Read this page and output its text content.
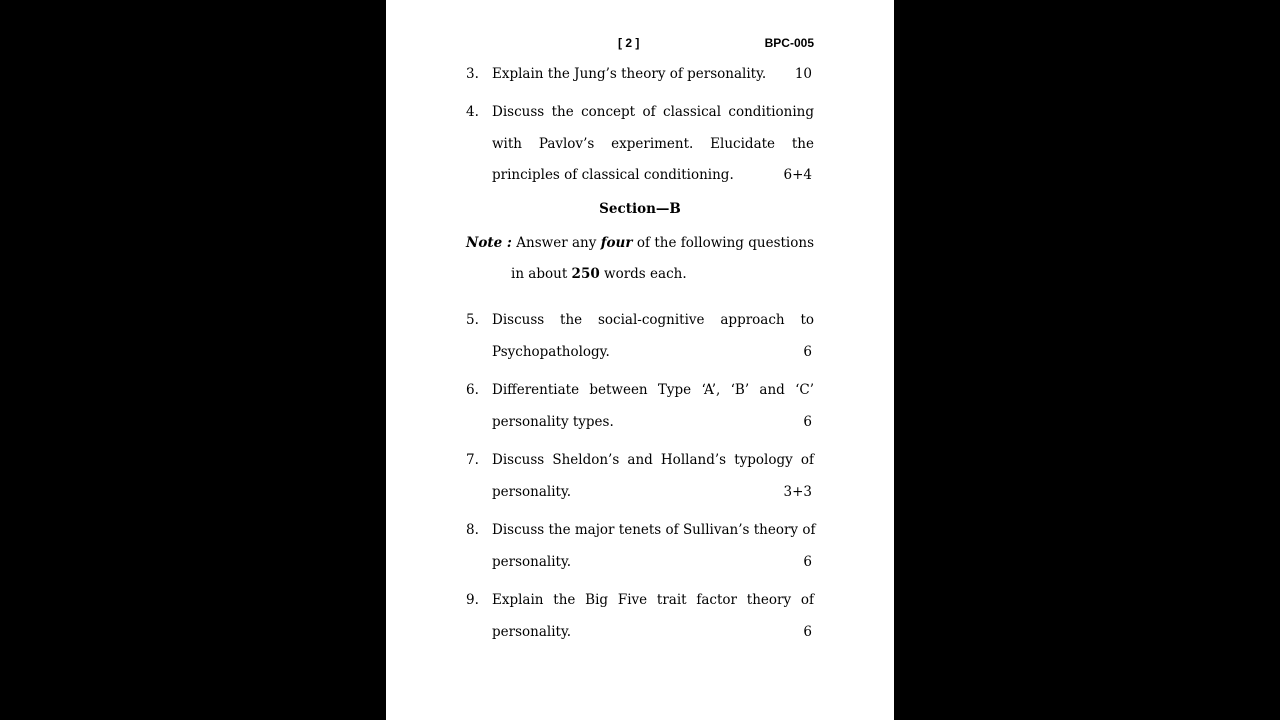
[ 2 ]	BPC-005
3. Explain the Jung’s theory of personality.	10
4. Discuss the concept of classical conditioning
with Pavlov’s experiment. Elucidate the
principles of classical conditioning.	6+4
Section—B
Note : Answer any four of the following questions
in about 250 words each.
5. Discuss the social-cognitive approach to
Psychopathology.	6
6. Differentiate between Type ‘A’, ‘B’ and ‘C’
personality types.	6
7. Discuss Sheldon’s and Holland’s typology of
personality.	3+3
8. Discuss the major tenets of Sullivan’s theory of
personality.	6
9. Explain the Big Five trait factor theory of
personality.	6
